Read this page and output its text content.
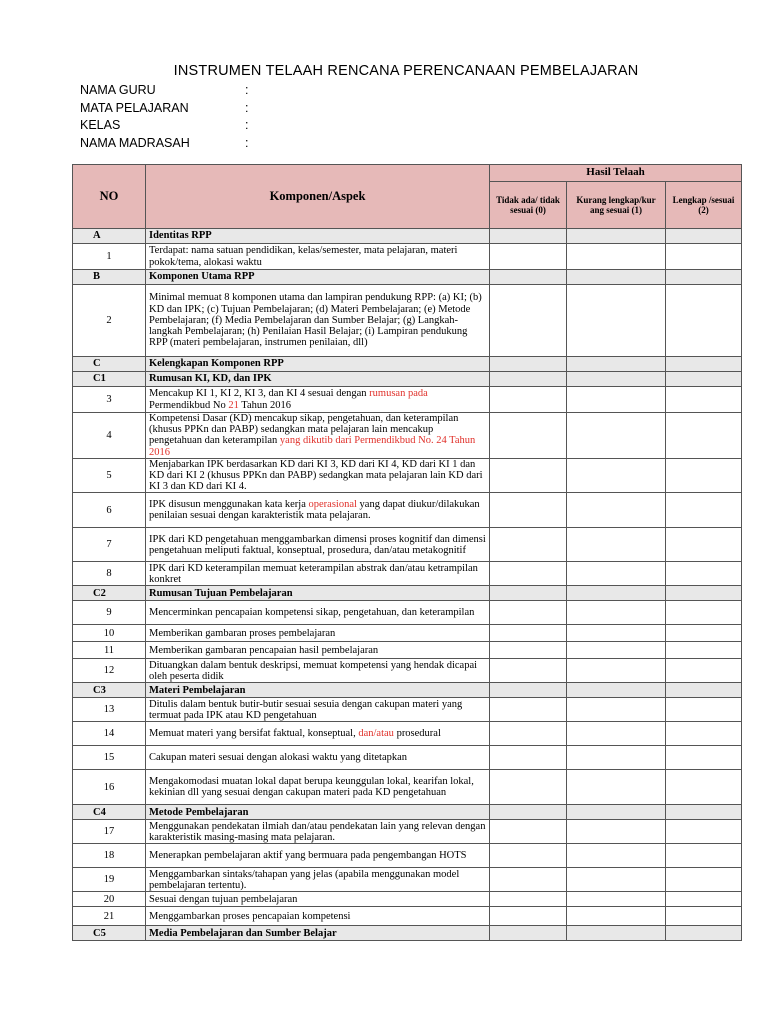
INSTRUMEN TELAAH RENCANA PERENCANAAN PEMBELAJARAN
NAMA GURU	:
MATA PELAJARAN	:
KELAS	:
NAMA MADRASAH	:
NO	Komponen/Aspek	Hasil Telaah		
		Tidak ada/ tidak sesuai (0)	Kurang lengkap/kur ang sesuai (1)	Lengkap /sesuai (2)
A	Identitas RPP			
1	Terdapat: nama satuan pendidikan, kelas/semester, mata pelajaran, materi pokok/tema, alokasi waktu			
B	Komponen Utama RPP			
2	Minimal memuat 8 komponen utama dan lampiran pendukung RPP: (a) KI; (b) KD dan IPK; (c) Tujuan Pembelajaran; (d) Materi Pembelajaran; (e) Metode Pembelajaran; (f) Media Pembelajaran dan Sumber Belajar; (g) Langkah-langkah Pembelajaran; (h) Penilaian Hasil Belajar; (i) Lampiran pendukung RPP (materi pembelajaran, instrumen penilaian, dll)			
C	Kelengkapan Komponen RPP			
C1	Rumusan KI, KD, dan IPK			
3	Mencakup KI 1, KI 2, KI 3, dan KI 4 sesuai dengan rumusan pada Permendikbud No 21 Tahun 2016			
4	Kompetensi Dasar (KD) mencakup sikap, pengetahuan, dan keterampilan (khusus PPKn dan PABP) sedangkan mata pelajaran lain mencakup pengetahuan dan keterampilan yang dikutib dari Permendikbud No. 24 Tahun 2016			
5	Menjabarkan IPK berdasarkan KD dari KI 3, KD dari KI 4, KD dari KI 1 dan KD dari KI 2 (khusus PPKn dan PABP) sedangkan mata pelajaran lain KD dari KI 3 dan KD dari KI 4.			
6	IPK disusun menggunakan kata kerja operasional yang dapat diukur/dilakukan penilaian sesuai dengan karakteristik mata pelajaran.			
7	IPK dari KD pengetahuan menggambarkan dimensi proses kognitif dan dimensi pengetahuan meliputi faktual, konseptual, prosedura, dan/atau metakognitif			
8	IPK dari KD keterampilan memuat keterampilan abstrak dan/atau ketrampilan konkret			
C2	Rumusan Tujuan Pembelajaran			
9	Mencerminkan pencapaian kompetensi sikap, pengetahuan, dan keterampilan			
10	Memberikan gambaran proses pembelajaran			
11	Memberikan gambaran pencapaian hasil pembelajaran			
12	Dituangkan dalam bentuk deskripsi, memuat kompetensi yang hendak dicapai oleh peserta didik			
C3	Materi Pembelajaran			
13	Ditulis dalam bentuk butir-butir sesuai sesuia dengan cakupan materi yang termuat pada IPK atau KD pengetahuan			
14	Memuat materi yang bersifat faktual, konseptual, dan/atau prosedural			
15	Cakupan materi sesuai dengan alokasi waktu yang ditetapkan			
16	Mengakomodasi muatan lokal dapat berupa keunggulan lokal, kearifan lokal, kekinian dll yang sesuai dengan cakupan materi pada KD pengetahuan			
C4	Metode Pembelajaran			
17	Menggunakan pendekatan ilmiah dan/atau pendekatan lain yang relevan dengan karakteristik masing-masing mata pelajaran.			
18	Menerapkan pembelajaran aktif yang bermuara pada pengembangan HOTS			
19	Menggambarkan sintaks/tahapan yang jelas (apabila menggunakan model pembelajaran tertentu).			
20	Sesuai dengan tujuan pembelajaran			
21	Menggambarkan proses pencapaian kompetensi			
C5	Media Pembelajaran dan Sumber Belajar			
